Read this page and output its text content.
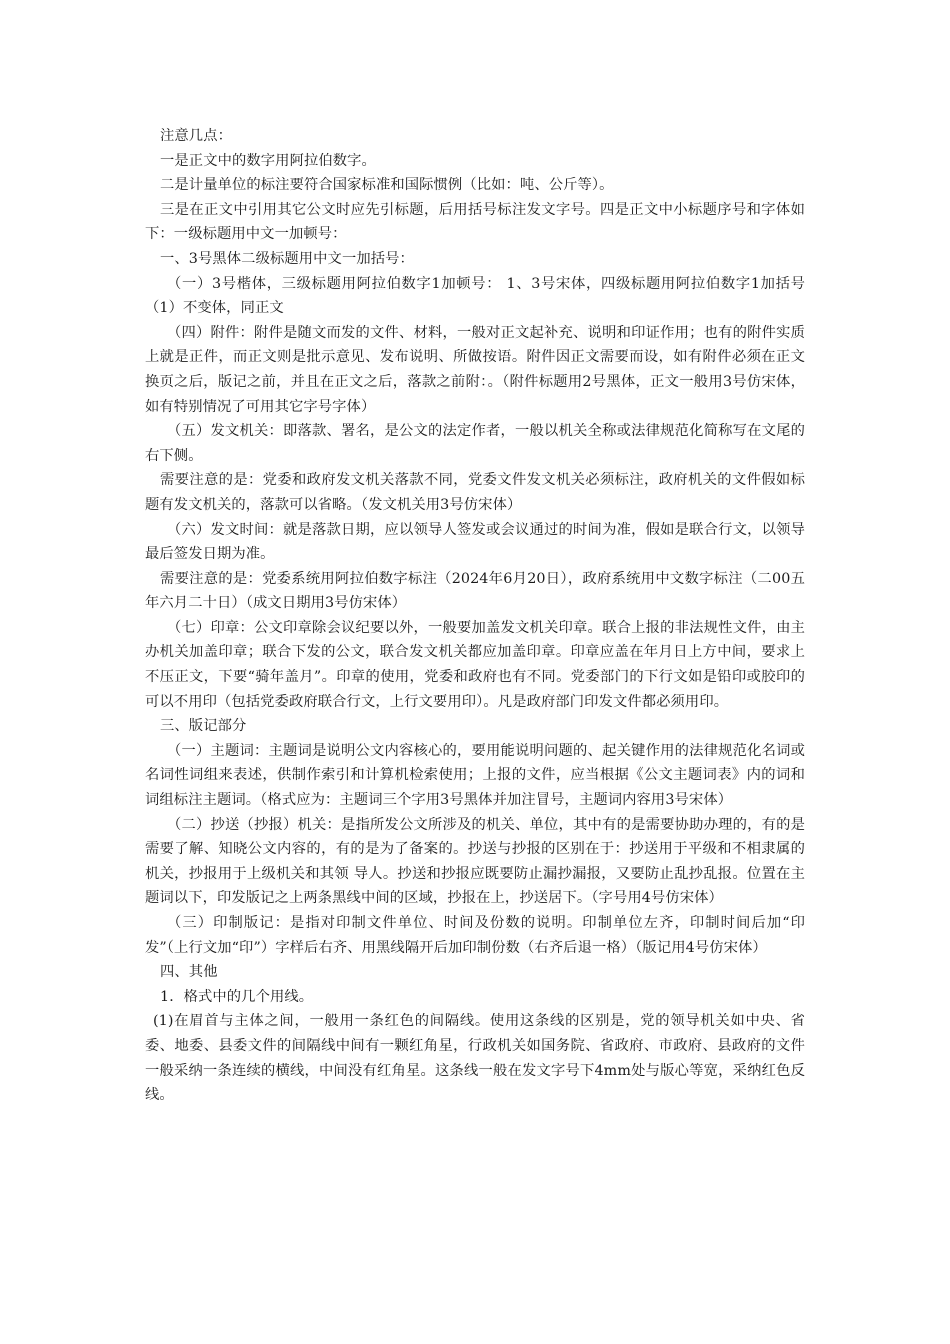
注意几点：

一是正文中的数字用阿拉伯数字。

二是计量单位的标注要符合国家标准和国际惯例（比如：吨、公斤等）。

三是在正文中引用其它公文时应先引标题，后用括号标注发文字号。四是正文中小标题序号和字体如下：一级标题用中文一加顿号：

一、3号黑体二级标题用中文一加括号：

（一）3号楷体，三级标题用阿拉伯数字1加顿号： 1、3号宋体，四级标题用阿拉伯数字1加括号（1）不变体，同正文

（四）附件：附件是随文而发的文件、材料，一般对正文起补充、说明和印证作用；也有的附件实质上就是正件，而正文则是批示意见、发布说明、所做按语。附件因正文需要而设，如有附件必须在正文换页之后，版记之前，并且在正文之后，落款之前附：。（附件标题用2号黑体，正文一般用3号仿宋体，如有特别情况了可用其它字号字体）

（五）发文机关：即落款、署名，是公文的法定作者，一般以机关全称或法律规范化简称写在文尾的右下侧。

需要注意的是：党委和政府发文机关落款不同，党委文件发文机关必须标注，政府机关的文件假如标题有发文机关的，落款可以省略。（发文机关用3号仿宋体）

（六）发文时间：就是落款日期，应以领导人签发或会议通过的时间为准，假如是联合行文，以领导最后签发日期为准。

需要注意的是：党委系统用阿拉伯数字标注（2024年6月20日），政府系统用中文数字标注（二00五年六月二十日）（成文日期用3号仿宋体）

（七）印章：公文印章除会议纪要以外，一般要加盖发文机关印章。联合上报的非法规性文件，由主办机关加盖印章；联合下发的公文，联合发文机关都应加盖印章。印章应盖在年月日上方中间，要求上不压正文，下要“骑年盖月”。印章的使用，党委和政府也有不同。党委部门的下行文如是铅印或胶印的可以不用印（包括党委政府联合行文，上行文要用印）。凡是政府部门印发文件都必须用印。

三、版记部分

（一）主题词：主题词是说明公文内容核心的，要用能说明问题的、起关键作用的法律规范化名词或名词性词组来表述，供制作索引和计算机检索使用；上报的文件，应当根据《公文主题词表》内的词和词组标注主题词。（格式应为：主题词三个字用3号黑体并加注冒号，主题词内容用3号宋体）

（二）抄送（抄报）机关：是指所发公文所涉及的机关、单位，其中有的是需要协助办理的，有的是需要了解、知晓公文内容的，有的是为了备案的。抄送与抄报的区别在于：抄送用于平级和不相隶属的机关，抄报用于上级机关和其领 导人。抄送和抄报应既要防止漏抄漏报，又要防止乱抄乱报。位置在主题词以下，印发版记之上两条黑线中间的区域，抄报在上，抄送居下。（字号用4号仿宋体）

（三）印制版记：是指对印制文件单位、时间及份数的说明。印制单位左齐，印制时间后加“印发”（上行文加“印”）字样后右齐、用黑线隔开后加印制份数（右齐后退一格）（版记用4号仿宋体）

四、其他

1．格式中的几个用线。

(1)在眉首与主体之间，一般用一条红色的间隔线。使用这条线的区别是，党的领导机关如中央、省委、地委、县委文件的间隔线中间有一颗红角星，行政机关如国务院、省政府、市政府、县政府的文件一般采纳一条连续的横线，中间没有红角星。这条线一般在发文字号下4mm处与版心等宽，采纳红色反线。
